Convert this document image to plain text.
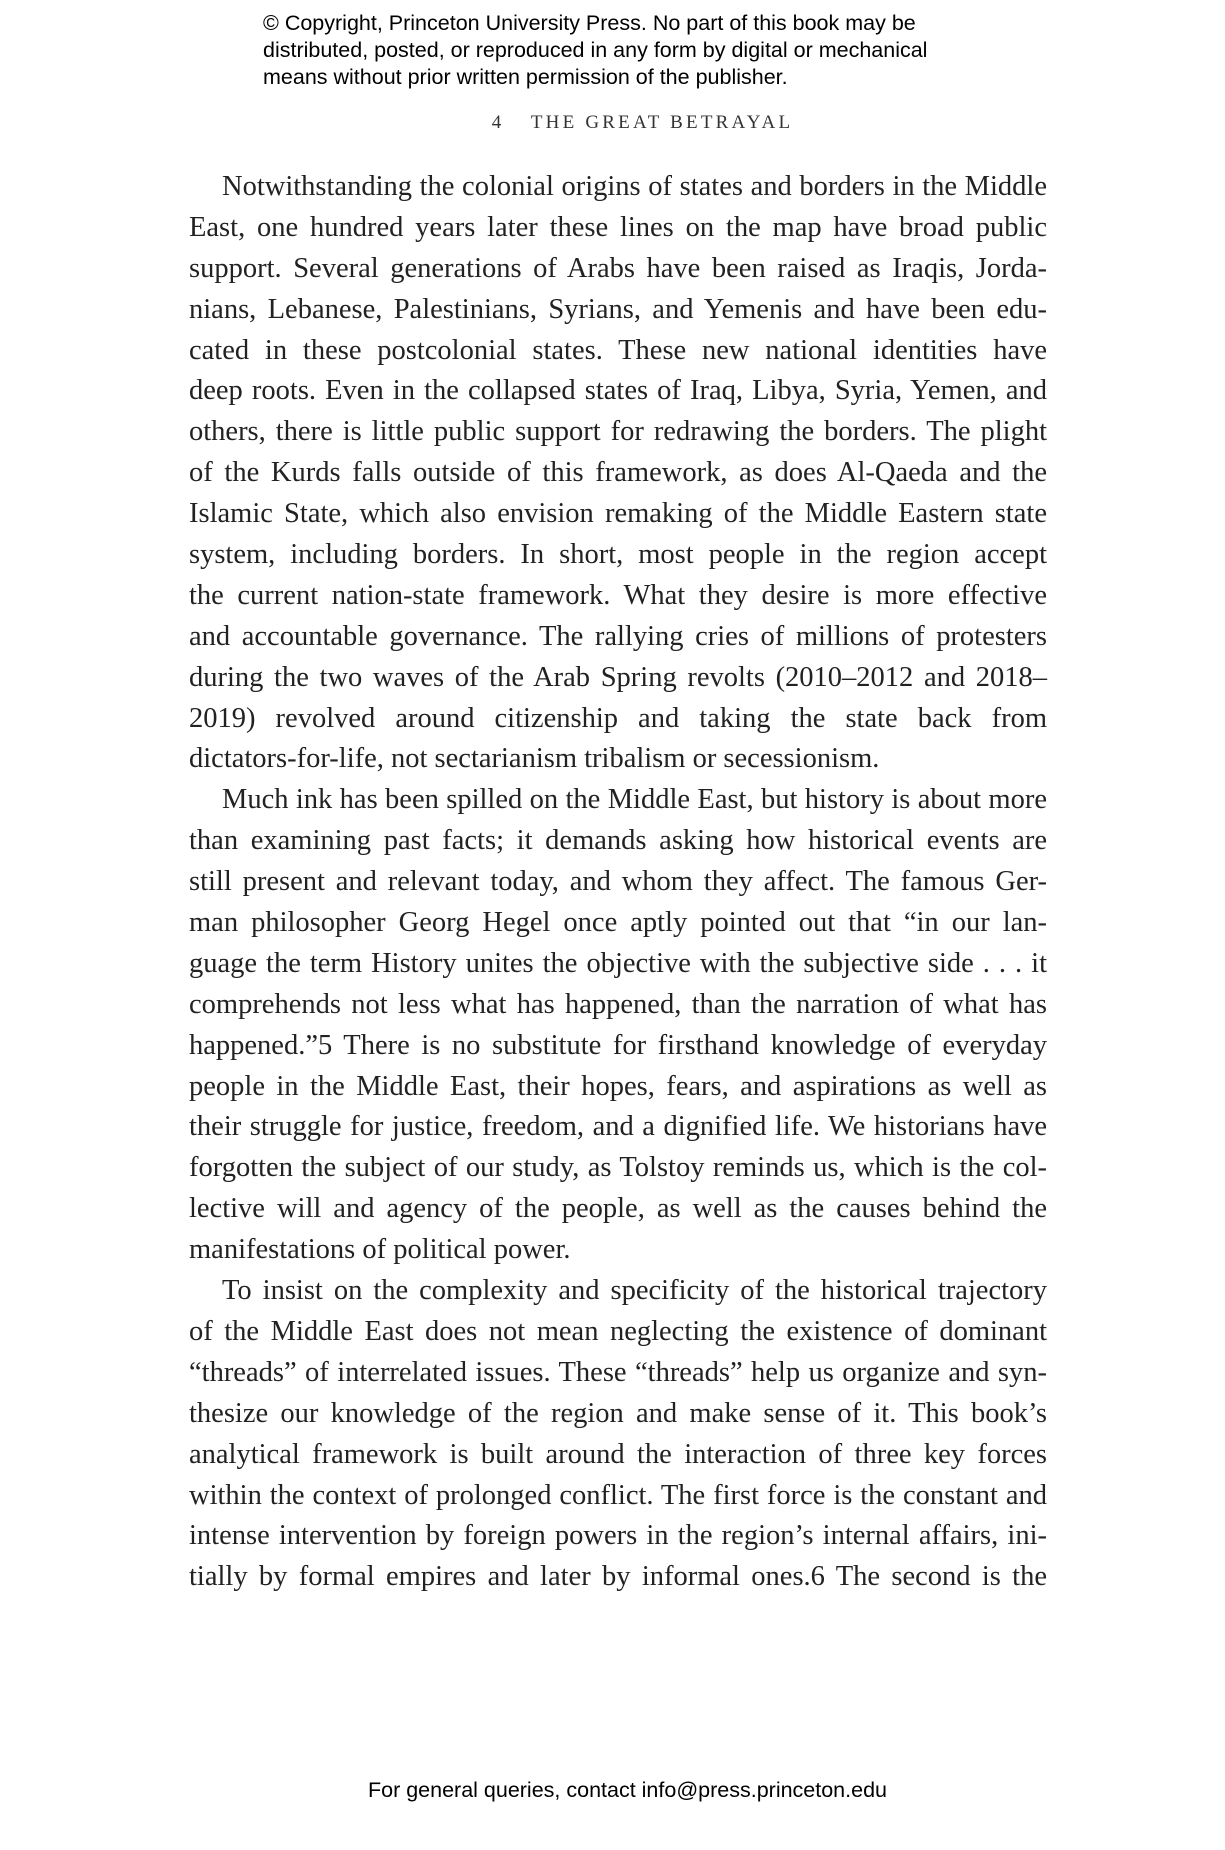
© Copyright, Princeton University Press. No part of this book may be
distributed, posted, or reproduced in any form by digital or mechanical
means without prior written permission of the publisher.
4 THE GREAT BETRAYAL
Notwithstanding the colonial origins of states and borders in the Middle
East, one hundred years later these lines on the map have broad public
support. Several generations of Arabs have been raised as Iraqis, Jorda-
nians, Lebanese, Palestinians, Syrians, and Yemenis and have been edu-
cated in these postcolonial states. These new national identities have
deep roots. Even in the collapsed states of Iraq, Libya, Syria, Yemen, and
others, there is little public support for redrawing the borders. The plight
of the Kurds falls outside of this framework, as does Al-Qaeda and the
Islamic State, which also envision remaking of the Middle Eastern state
system, including borders. In short, most people in the region accept
the current nation-state framework. What they desire is more effective
and accountable governance. The rallying cries of millions of protesters
during the two waves of the Arab Spring revolts (2010–2012 and 2018–
2019) revolved around citizenship and taking the state back from
dictators-for-life, not sectarianism tribalism or secessionism.
Much ink has been spilled on the Middle East, but history is about more
than examining past facts; it demands asking how historical events are
still present and relevant today, and whom they affect. The famous Ger-
man philosopher Georg Hegel once aptly pointed out that “in our lan-
guage the term History unites the objective with the subjective side . . . it
comprehends not less what has happened, than the narration of what has
happened.”5 There is no substitute for firsthand knowledge of everyday
people in the Middle East, their hopes, fears, and aspirations as well as
their struggle for justice, freedom, and a dignified life. We historians have
forgotten the subject of our study, as Tolstoy reminds us, which is the col-
lective will and agency of the people, as well as the causes behind the
manifestations of political power.
To insist on the complexity and specificity of the historical trajectory
of the Middle East does not mean neglecting the existence of dominant
“threads” of interrelated issues. These “threads” help us organize and syn-
thesize our knowledge of the region and make sense of it. This book’s
analytical framework is built around the interaction of three key forces
within the context of prolonged conflict. The first force is the constant and
intense intervention by foreign powers in the region’s internal affairs, ini-
tially by formal empires and later by informal ones.6 The second is the
For general queries, contact info@press.princeton.edu
